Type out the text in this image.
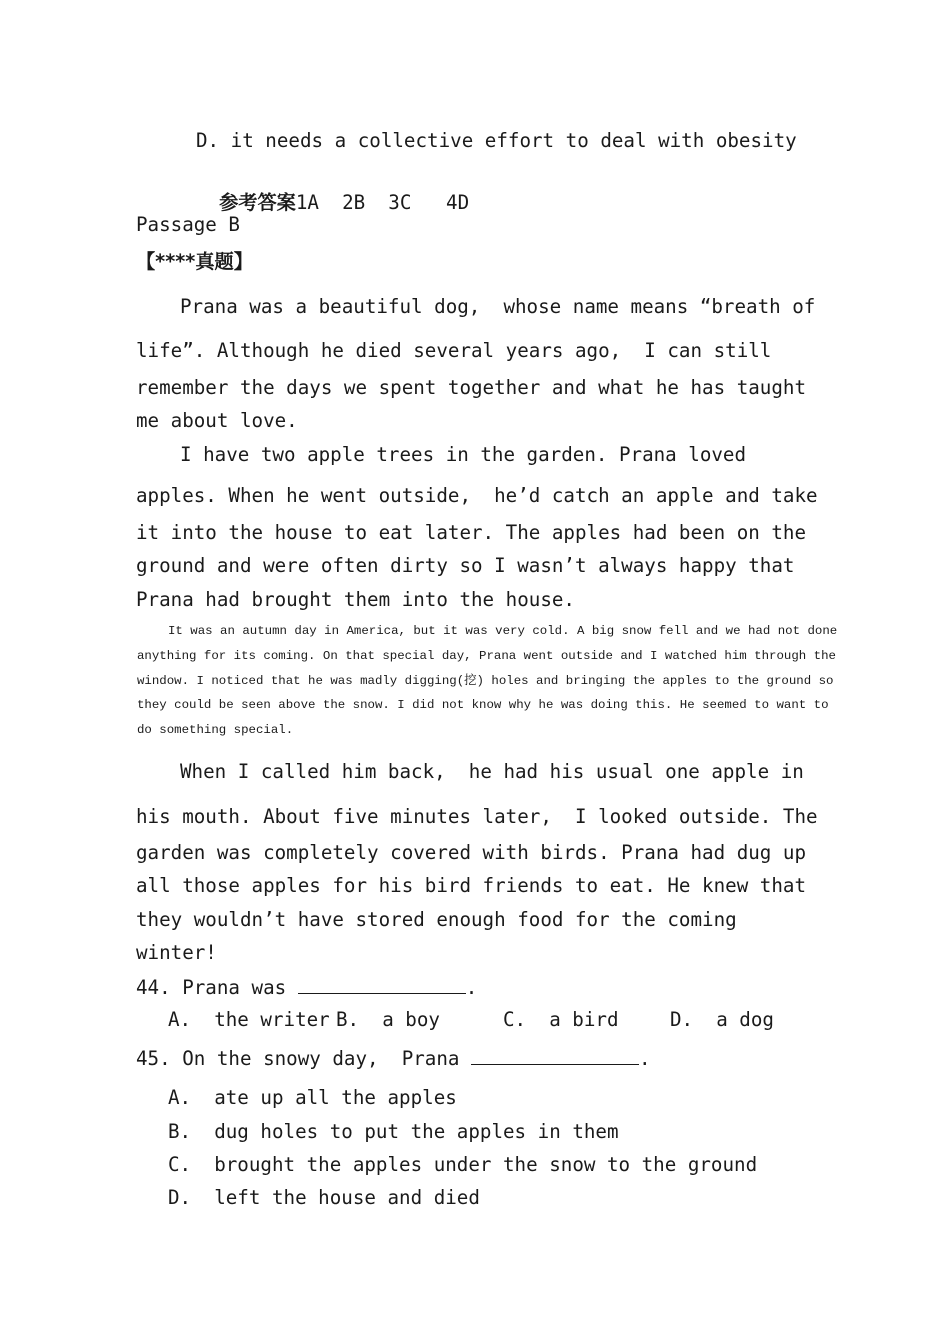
D. it needs a collective effort to deal with obesity

参考答案1A  2B  3C   4D

Passage B
【****真题】
Prana was a beautiful dog,  whose name means “breath of
life”. Although he died several years ago,  I can still
remember the days we spent together and what he has taught
me about love.
I have two apple trees in the garden. Prana loved
apples. When he went outside,  he’d catch an apple and take
it into the house to eat later. The apples had been on the
ground and were often dirty so I wasn’t always happy that
Prana had brought them into the house.
It was an autumn day in America, but it was very cold. A big snow fell and we had not done
anything for its coming. On that special day, Prana went outside and I watched him through the
window. I noticed that he was madly digging(挖) holes and bringing the apples to the ground so
they could be seen above the snow. I did not know why he was doing this. He seemed to want to
do something special.
When I called him back,  he had his usual one apple in
his mouth. About five minutes later,  I looked outside. The
garden was completely covered with birds. Prana had dug up
all those apples for his bird friends to eat. He knew that
they wouldn’t have stored enough food for the coming
winter!
44. Prana was	.
A.  the writer B.  a boy	C.  a bird	D.  a dog
45. On the snowy day,  Prana	.
A.  ate up all the apples
B.  dug holes to put the apples in them
C.  brought the apples under the snow to the ground
D.  left the house and died
